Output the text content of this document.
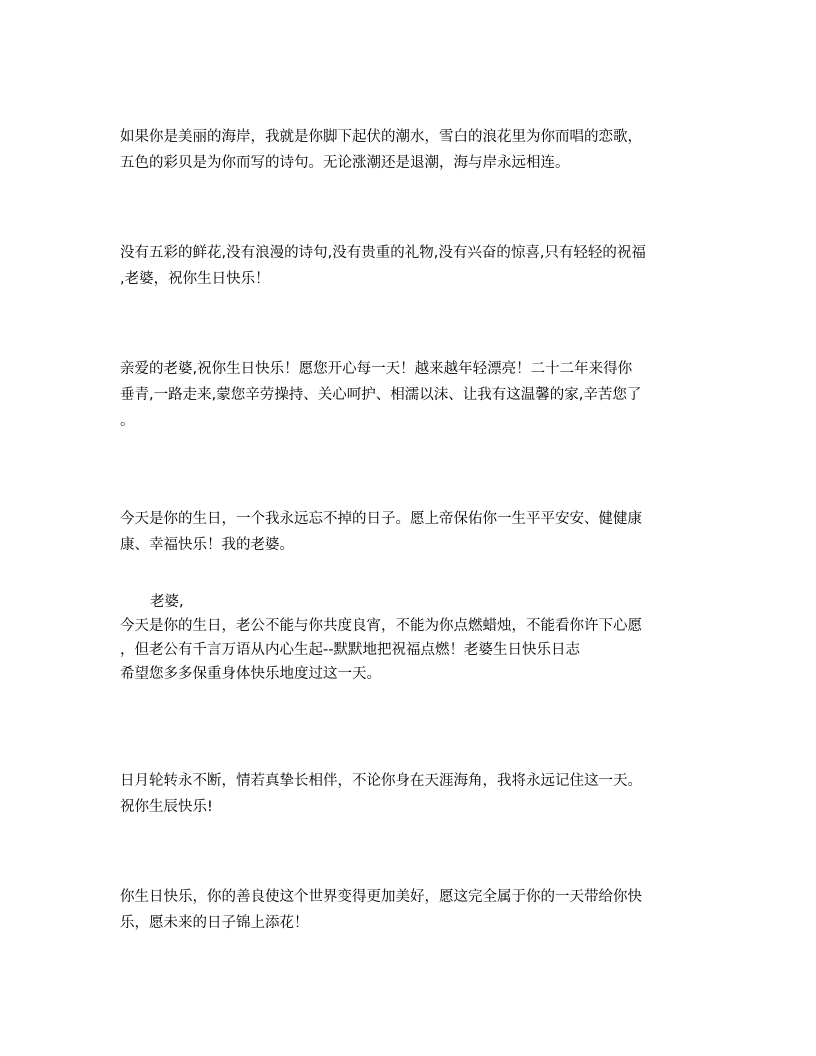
如果你是美丽的海岸，我就是你脚下起伏的潮水，雪白的浪花里为你而唱的恋歌，
五色的彩贝是为你而写的诗句。无论涨潮还是退潮，海与岸永远相连。
没有五彩的鲜花,没有浪漫的诗句,没有贵重的礼物,没有兴奋的惊喜,只有轻轻的祝福
,老婆，祝你生日快乐！
亲爱的老婆,祝你生日快乐！愿您开心每一天！越来越年轻漂亮！二十二年来得你
垂青,一路走来,蒙您辛劳操持、关心呵护、相濡以沫、让我有这温馨的家,辛苦您了
。
今天是你的生日，一个我永远忘不掉的日子。愿上帝保佑你一生平平安安、健健康
康、幸福快乐！我的老婆。
老婆,
今天是你的生日，老公不能与你共度良宵，不能为你点燃蜡烛，不能看你许下心愿
，但老公有千言万语从内心生起--默默地把祝福点燃！老婆生日快乐日志
希望您多多保重身体快乐地度过这一天。
日月轮转永不断，情若真挚长相伴，不论你身在天涯海角，我将永远记住这一天。
祝你生辰快乐!
你生日快乐，你的善良使这个世界变得更加美好，愿这完全属于你的一天带给你快
乐，愿未来的日子锦上添花！
